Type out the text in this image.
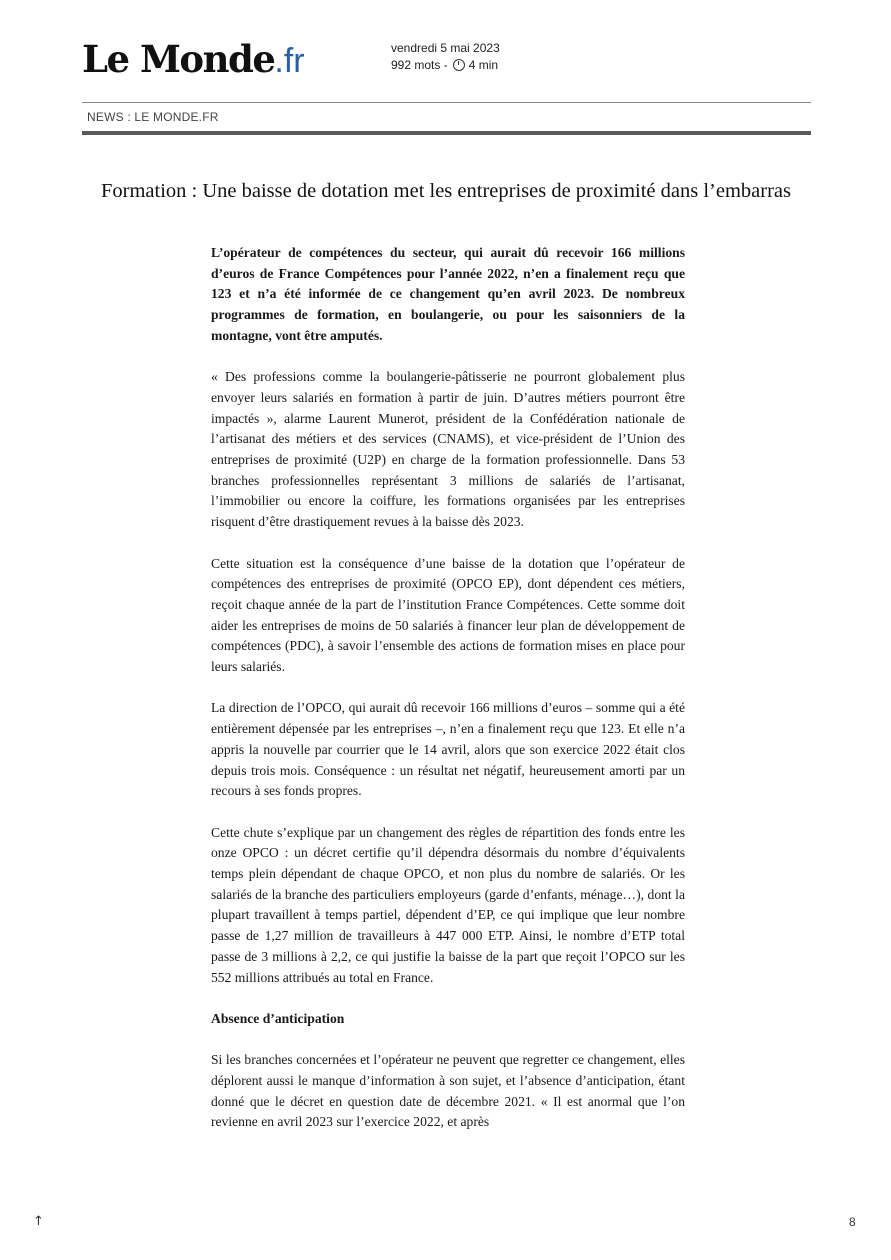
Le Monde.fr	vendredi 5 mai 2023
992 mots - 4 min
NEWS : LE MONDE.FR
Formation : Une baisse de dotation met les entreprises de proximité dans l’embarras

L’opérateur de compétences du secteur, qui aurait dû recevoir 166 millions d’euros de France Compétences pour l’année 2022, n’en a finalement reçu que 123 et n’a été informée de ce changement qu’en avril 2023. De nombreux programmes de formation, en boulangerie, ou pour les saisonniers de la montagne, vont être amputés.

« Des professions comme la boulangerie-pâtisserie ne pourront globalement plus envoyer leurs salariés en formation à partir de juin. D’autres métiers pourront être impactés », alarme Laurent Munerot, président de la Confédération nationale de l’artisanat des métiers et des services (CNAMS), et vice-président de l’Union des entreprises de proximité (U2P) en charge de la formation professionnelle. Dans 53 branches professionnelles représentant 3 millions de salariés de l’artisanat, l’immobilier ou encore la coiffure, les formations organisées par les entreprises risquent d’être drastiquement revues à la baisse dès 2023.

Cette situation est la conséquence d’une baisse de la dotation que l’opérateur de compétences des entreprises de proximité (OPCO EP), dont dépendent ces métiers, reçoit chaque année de la part de l’institution France Compétences. Cette somme doit aider les entreprises de moins de 50 salariés à financer leur plan de développement de compétences (PDC), à savoir l’ensemble des actions de formation mises en place pour leurs salariés.

La direction de l’OPCO, qui aurait dû recevoir 166 millions d’euros – somme qui a été entièrement dépensée par les entreprises –, n’en a finalement reçu que 123. Et elle n’a appris la nouvelle par courrier que le 14 avril, alors que son exercice 2022 était clos depuis trois mois. Conséquence : un résultat net négatif, heureusement amorti par un recours à ses fonds propres.

Cette chute s’explique par un changement des règles de répartition des fonds entre les onze OPCO : un décret certifie qu’il dépendra désormais du nombre d’équivalents temps plein dépendant de chaque OPCO, et non plus du nombre de salariés. Or les salariés de la branche des particuliers employeurs (garde d’enfants, ménage…), dont la plupart travaillent à temps partiel, dépendent d’EP, ce qui implique que leur nombre passe de 1,27 million de travailleurs à 447 000 ETP. Ainsi, le nombre d’ETP total passe de 3 millions à 2,2, ce qui justifie la baisse de la part que reçoit l’OPCO sur les 552 millions attribués au total en France.

Absence d’anticipation

Si les branches concernées et l’opérateur ne peuvent que regretter ce changement, elles déplorent aussi le manque d’information à son sujet, et l’absence d’anticipation, étant donné que le décret en question date de décembre 2021. « Il est anormal que l’on revienne en avril 2023 sur l’exercice 2022, et après

↑	8
